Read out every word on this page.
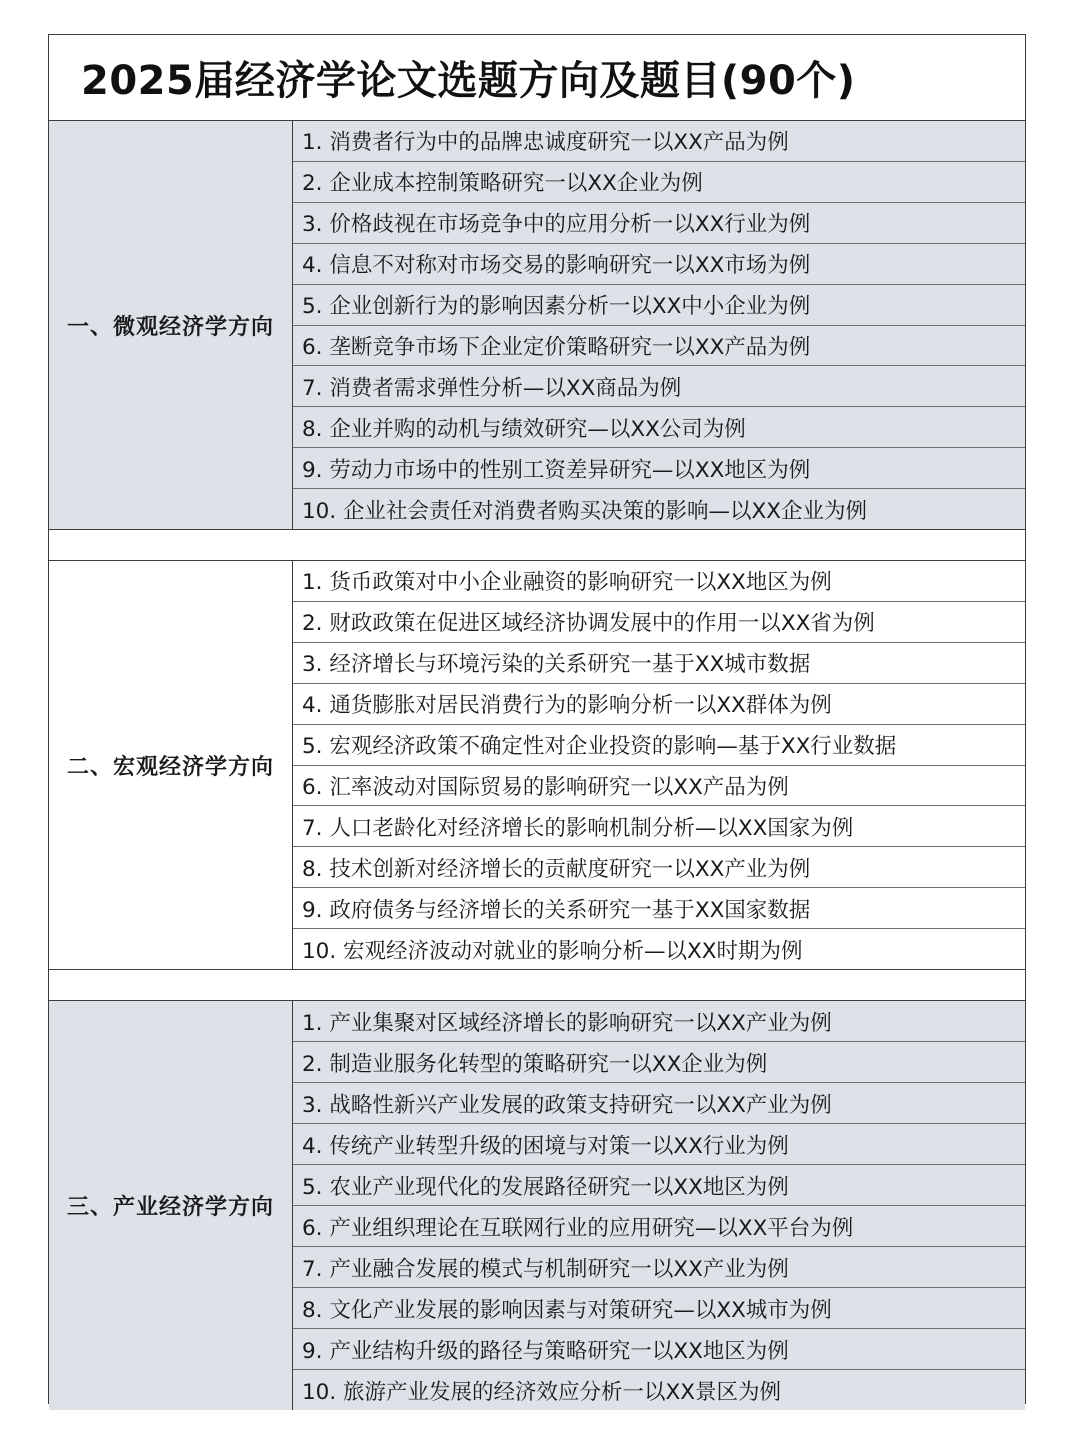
2025届经济学论文选题方向及题目(90个)
一、微观经济学方向
1. 消费者行为中的品牌忠诚度研究一以XX产品为例
2. 企业成本控制策略研究一以XX企业为例
3. 价格歧视在市场竞争中的应用分析一以XX行业为例
4. 信息不对称对市场交易的影响研究一以XX市场为例
5. 企业创新行为的影响因素分析一以XX中小企业为例
6. 垄断竞争市场下企业定价策略研究一以XX产品为例
7. 消费者需求弹性分析—以XX商品为例
8. 企业并购的动机与绩效研究—以XX公司为例
9. 劳动力市场中的性别工资差异研究—以XX地区为例
10. 企业社会责任对消费者购买决策的影响—以XX企业为例
二、宏观经济学方向
1. 货币政策对中小企业融资的影响研究一以XX地区为例
2. 财政政策在促进区域经济协调发展中的作用一以XX省为例
3. 经济增长与环境污染的关系研究一基于XX城市数据
4. 通货膨胀对居民消费行为的影响分析一以XX群体为例
5. 宏观经济政策不确定性对企业投资的影响—基于XX行业数据
6. 汇率波动对国际贸易的影响研究一以XX产品为例
7. 人口老龄化对经济增长的影响机制分析—以XX国家为例
8. 技术创新对经济增长的贡献度研究一以XX产业为例
9. 政府债务与经济增长的关系研究一基于XX国家数据
10. 宏观经济波动对就业的影响分析—以XX时期为例
三、产业经济学方向
1. 产业集聚对区域经济增长的影响研究一以XX产业为例
2. 制造业服务化转型的策略研究一以XX企业为例
3. 战略性新兴产业发展的政策支持研究一以XX产业为例
4. 传统产业转型升级的困境与对策一以XX行业为例
5. 农业产业现代化的发展路径研究一以XX地区为例
6. 产业组织理论在互联网行业的应用研究—以XX平台为例
7. 产业融合发展的模式与机制研究一以XX产业为例
8. 文化产业发展的影响因素与对策研究—以XX城市为例
9. 产业结构升级的路径与策略研究一以XX地区为例
10. 旅游产业发展的经济效应分析一以XX景区为例
